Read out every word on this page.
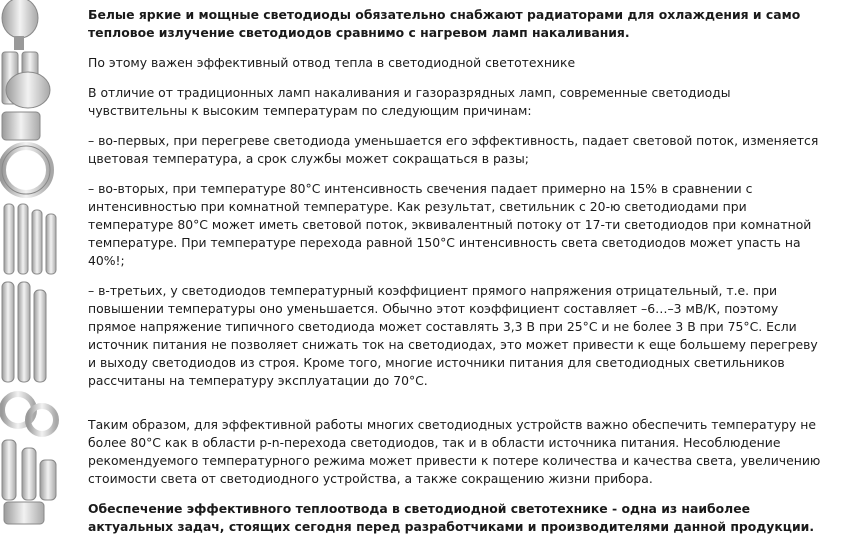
Белые яркие и мощные светодиоды обязательно снабжают радиаторами для охлаждения и само тепловое излучение светодиодов сравнимо с нагревом ламп накаливания.

По этому важен эффективный отвод тепла в светодиодной светотехнике

В отличие от традиционных ламп накаливания и газоразрядных ламп, современные светодиоды чувствительны к высоким температурам по следующим причинам:

– во-первых, при перегреве светодиода уменьшается его эффективность, падает световой поток, изменяется цветовая температура, а срок службы может сокращаться в разы;

– во-вторых, при температуре 80°С интенсивность свечения падает примерно на 15% в сравнении с интенсивностью при комнатной температуре. Как результат, светильник с 20-ю светодиодами при температуре 80°С может иметь световой поток, эквивалентный потоку от 17-ти светодиодов при комнатной температуре. При температуре перехода равной 150°С интенсивность света светодиодов может упасть на 40%!;

– в-третьих, у светодиодов температурный коэффициент прямого напряжения отрицательный, т.е. при повышении температуры оно уменьшается. Обычно этот коэффициент составляет –6…–3 мВ/К, поэтому прямое напряжение типичного светодиода может составлять 3,3 В при 25°С и не более 3 В при 75°С. Если источник питания не позволяет снижать ток на светодиодах, это может привести к еще большему перегреву и выходу светодиодов из строя. Кроме того, многие источники питания для светодиодных светильников рассчитаны на температуру эксплуатации до 70°С.

Таким образом, для эффективной работы многих светодиодных устройств важно обеспечить температуру не более 80°С как в области p-n-перехода светодиодов, так и в области источника питания. Несоблюдение рекомендуемого температурного режима может привести к потере количества и качества света, увеличению стоимости света от светодиодного устройства, а также сокращению жизни прибора.

Обеспечение эффективного теплоотвода в светодиодной светотехнике - одна из наиболее актуальных задач, стоящих сегодня перед разработчиками и производителями данной продукции.
